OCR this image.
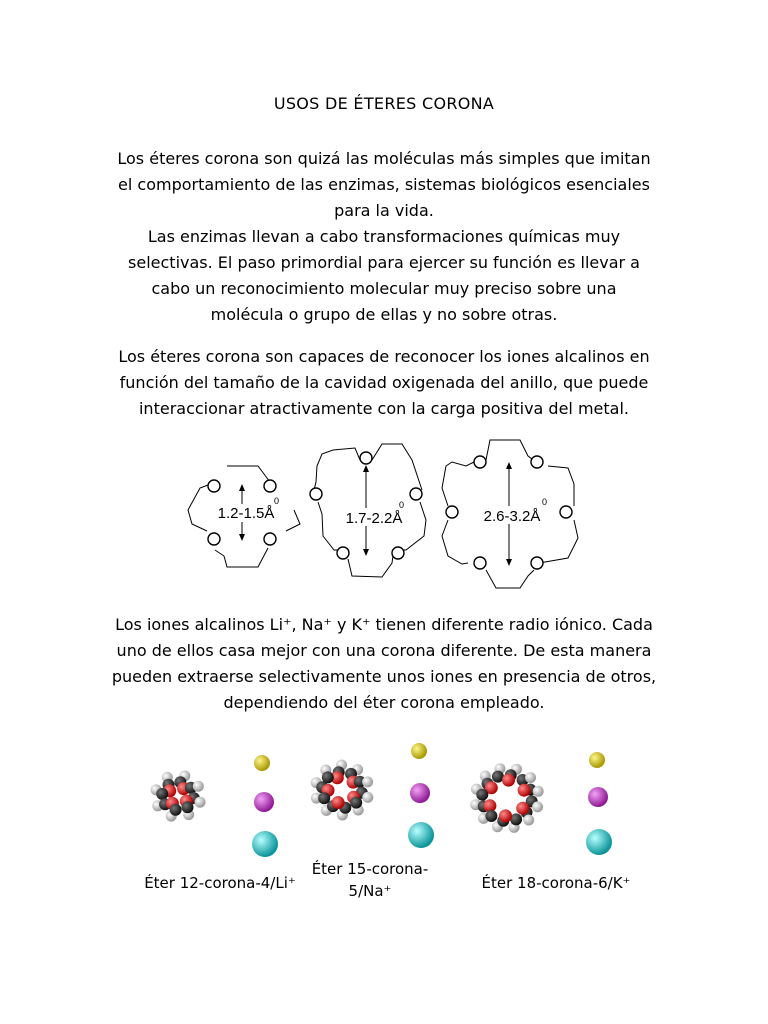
USOS DE ÉTERES CORONA
Los éteres corona son quizá las moléculas más simples que imitan
el comportamiento de las enzimas, sistemas biológicos esenciales
para la vida.
Las enzimas llevan a cabo transformaciones químicas muy
selectivas. El paso primordial para ejercer su función es llevar a
cabo un reconocimiento molecular muy preciso sobre una
molécula o grupo de ellas y no sobre otras.
Los éteres corona son capaces de reconocer los iones alcalinos en
función del tamaño de la cavidad oxigenada del anillo, que puede
interaccionar atractivamente con la carga positiva del metal.
1.2-1.5Å
0
1.7-2.2Å
0
2.6-3.2Å
0
Los iones alcalinos Li⁺, Na⁺ y K⁺ tienen diferente radio iónico. Cada
uno de ellos casa mejor con una corona diferente. De esta manera
pueden extraerse selectivamente unos iones en presencia de otros,
dependiendo del éter corona empleado.
Éter 12-corona-4/Li⁺
Éter 15-corona-
5/Na⁺	Éter 18-corona-6/K⁺
